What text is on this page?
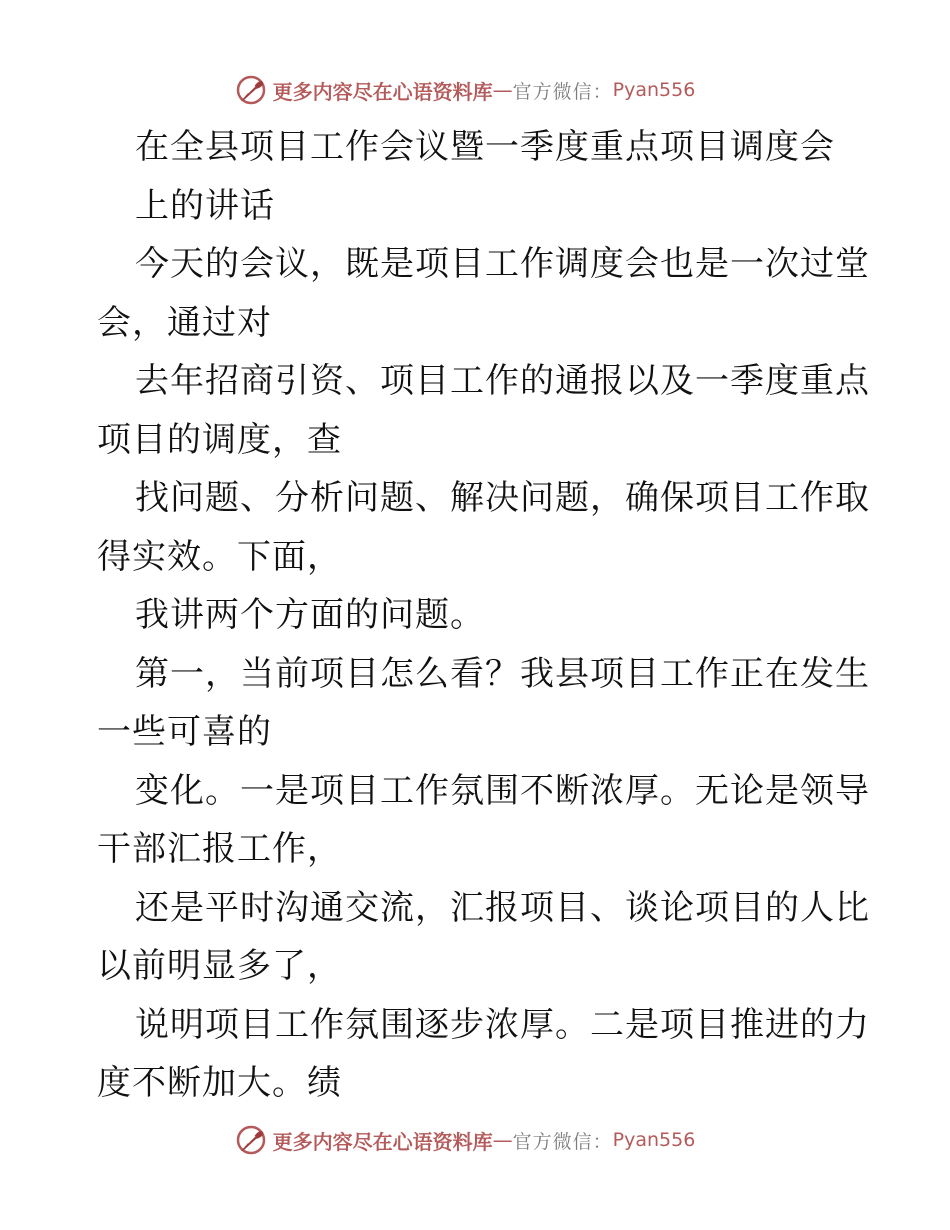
更多内容尽在心语资料库 — 官方微信： Pyan556
在全县项目工作会议暨一季度重点项目调度会
上的讲话
今天的会议，既是项目工作调度会也是一次过堂
会，通过对
去年招商引资、项目工作的通报以及一季度重点
项目的调度，查
找问题、分析问题、解决问题，确保项目工作取
得实效。下面，
我讲两个方面的问题。
第一，当前项目怎么看？我县项目工作正在发生
一些可喜的
变化。一是项目工作氛围不断浓厚。无论是领导
干部汇报工作，
还是平时沟通交流，汇报项目、谈论项目的人比
以前明显多了，
说明项目工作氛围逐步浓厚。二是项目推进的力
度不断加大。绩
更多内容尽在心语资料库 — 官方微信： Pyan556
